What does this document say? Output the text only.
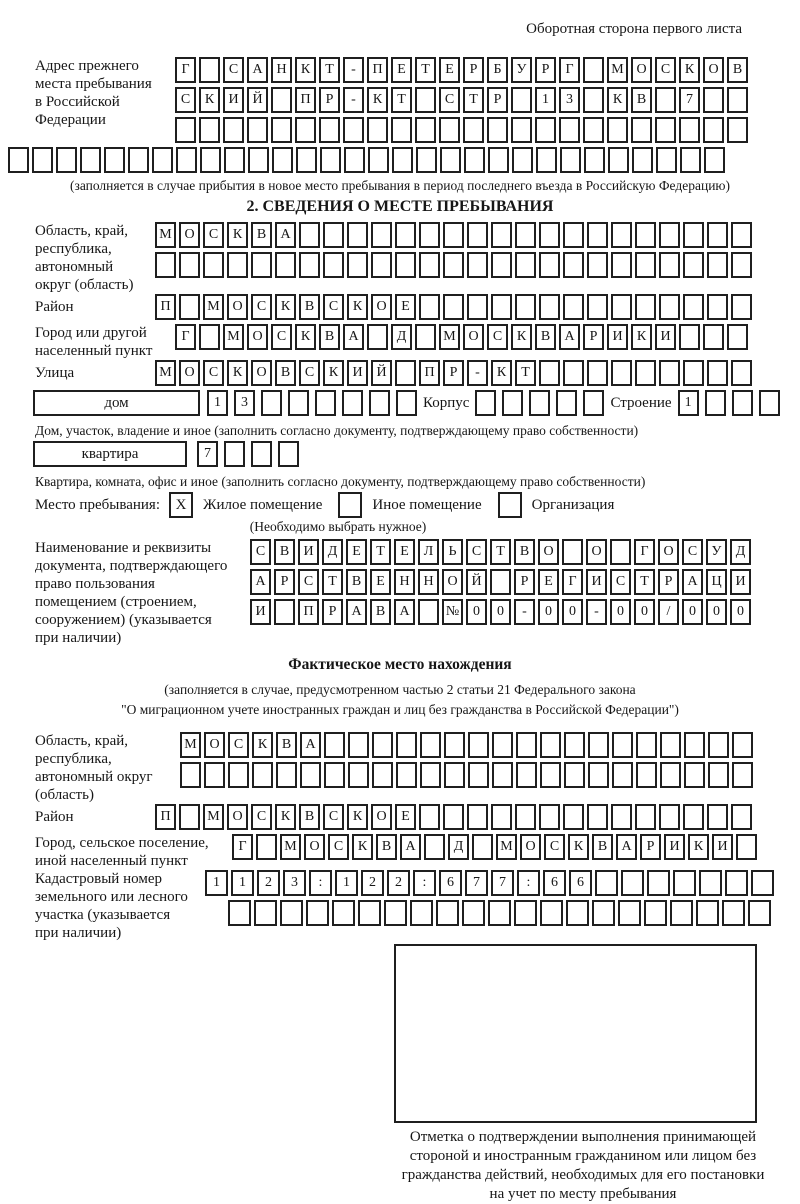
Оборотная сторона первого листа
Адрес прежнего
места пребывания
в Российской
Федерации
Г	С	А Н	К	Т	-	П	Е	Т	Е	Р	Б	У	Р	Г	М О	С	К	О	В
С	К	И Й	П	Р	-	К	Т	С	Т	Р	1	3	К	В	7
(заполняется в случае прибытия в новое место пребывания в период последнего въезда в Российскую Федерацию)
2. СВЕДЕНИЯ О МЕСТЕ ПРЕБЫВАНИЯ
Область, край,
республика,
автономный
округ (область)
М О	С	К	В	А
Район	П	М О	С	К	В	С	К	О	Е
Город или другой
населенный пункт
Г	М О	С	К	В	А	Д	М О	С	К	В	А	Р	И	К	И
Улица	М О	С	К	О	В	С	К	И Й	П	Р	-	К	Т
дом	1	3	Корпус	Строение 1
Дом, участок, владение и иное (заполнить согласно документу, подтверждающему право собственности)
квартира	7
Квартира, комната, офис и иное (заполнить согласно документу, подтверждающему право собственности)
Место пребывания:	X	Жилое помещение	Иное помещение	Организация
(Необходимо выбрать нужное)
Наименование и реквизиты
документа, подтверждающего
право пользования
помещением (строением,
сооружением) (указывается
при наличии)
С	В	И	Д	Е	Т	Е	Л	Ь	С	Т	В	О	О	Г	О	С	У	Д
А	Р	С	Т	В	Е	Н Н О Й	Р	Е	Г	И	С	Т	Р	А Ц И
И	П	Р	А	В	А	№ 0	0	-	0	0	-	0	0	/	0	0	0
Фактическое место нахождения
(заполняется в случае, предусмотренном частью 2 статьи 21 Федерального закона
"О миграционном учете иностранных граждан и лиц без гражданства в Российской Федерации")
Область, край,
республика,
автономный округ
(область)
М О	С	К	В	А
Район	П	М О	С	К	В	С	К	О	Е
Город, сельское поселение,
иной населенный пункт
Г	М О	С	К	В	А	Д	М О	С	К	В	А	Р	И	К	И
Кадастровый номер
земельного или лесного
участка (указывается
при наличии)
1	1	2	3	:	1	2	2	:	6	7	7	:	6	6
Отметка о подтверждении выполнения принимающей
стороной и иностранным гражданином или лицом без
гражданства действий, необходимых для его постановки
на учет по месту пребывания
